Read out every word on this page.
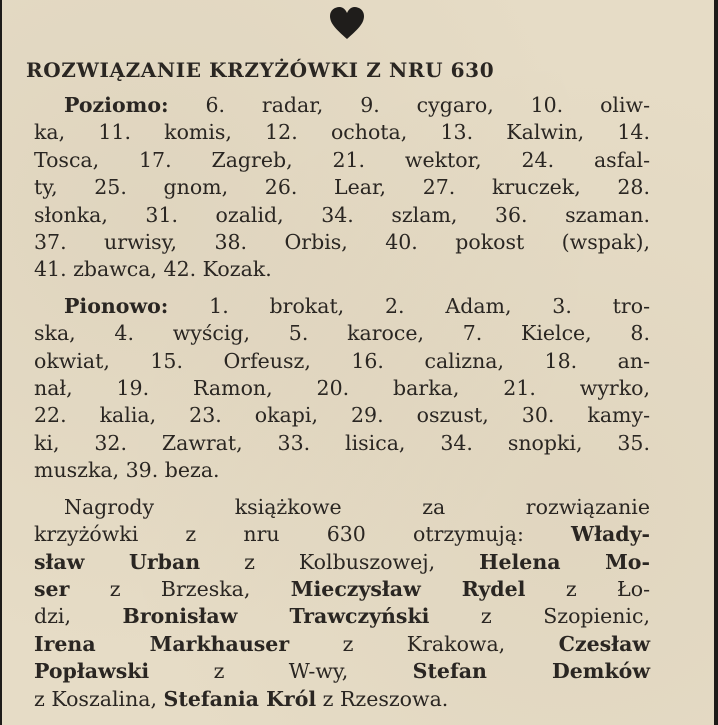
ROZWIĄZANIE KRZYŻÓWKI Z NRU 630
Poziomo: 6. radar, 9. cygaro, 10. oliw-
ka, 11. komis, 12. ochota, 13. Kalwin, 14.
Tosca, 17. Zagreb, 21. wektor, 24. asfal-
ty, 25. gnom, 26. Lear, 27. kruczek, 28.
słonka, 31. ozalid, 34. szlam, 36. szaman.
37. urwisy, 38. Orbis, 40. pokost (wspak),
41. zbawca, 42. Kozak.
Pionowo: 1. brokat, 2. Adam, 3. tro-
ska, 4. wyścig, 5. karoce, 7. Kielce, 8.
okwiat, 15. Orfeusz, 16. calizna, 18. an-
nał, 19. Ramon, 20. barka, 21. wyrko,
22. kalia, 23. okapi, 29. oszust, 30. kamy-
ki, 32. Zawrat, 33. lisica, 34. snopki, 35.
muszka, 39. beza.
Nagrody książkowe za rozwiązanie
krzyżówki z nru 630 otrzymują: Włady-
sław Urban z Kolbuszowej, Helena Mo-
ser z Brzeska, Mieczysław Rydel z Ło-
dzi, Bronisław Trawczyński z Szopienic,
Irena Markhauser z Krakowa, Czesław
Popławski z W-wy, Stefan Demków
z Koszalina, Stefania Król z Rzeszowa.
